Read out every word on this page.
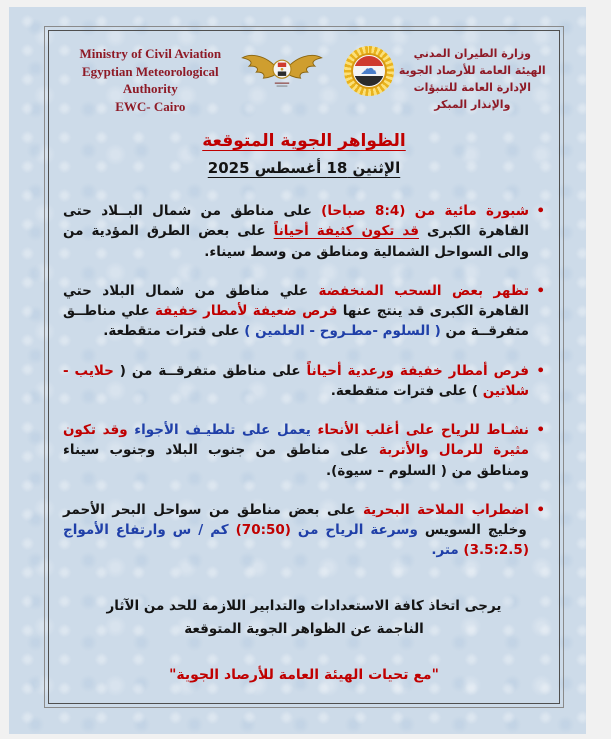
Ministry of Civil Aviation
Egyptian Meteorological Authority
EWC- Cairo
☁
وزارة الطيران المدني
الهيئة العامة للأرصاد الجوية
الإدارة العامة للتنبؤات والإنذار المبكر
الظواهر الجوية المتوقعة
الإثنين 18 أغسطس 2025
•
شبورة مائية من (8:4 صباحا) على مناطق من شمال البــلاد حتى القاهرة الكبرى قد تكون كثيفة أحياناً على بعض الطرق المؤدية من والى السواحل الشمالية ومناطق من وسط سيناء.
•
تظهر بعض السحب المنخفضة علي مناطق من شمال البلاد حتي القاهرة الكبرى قد ينتج عنها فرص ضعيفة لأمطار خفيفة علي مناطــق متفرقــة من ( السلوم -مطـروح - العلمين ) على فترات متقطعة.
•
فرص أمطار خفيفة ورعدية أحياناً على مناطق متفرقــة من ( حلايب - شلاتين ) على فترات متقطعة.
•
نشـاط للرياح على أغلب الأنحاء يعمل على تلطيـف الأجواء وقد تكون مثيرة للرمال والأتربة على مناطق من جنوب البلاد وجنوب سيناء ومناطق من ( السلوم – سيوة).
•
اضطراب الملاحة البحرية على بعض مناطق من سواحل البحر الأحمر وخليج السويس وسرعة الرياح من (70:50) كم / س وارتفاع الأمواج (3.5:2.5) متر.
يرجى اتخاذ كافة الاستعدادات والتدابير اللازمة للحد من الآثار الناجمة عن الظواهر الجوية المتوقعة
"مع تحيات الهيئة العامة للأرصاد الجوية"
